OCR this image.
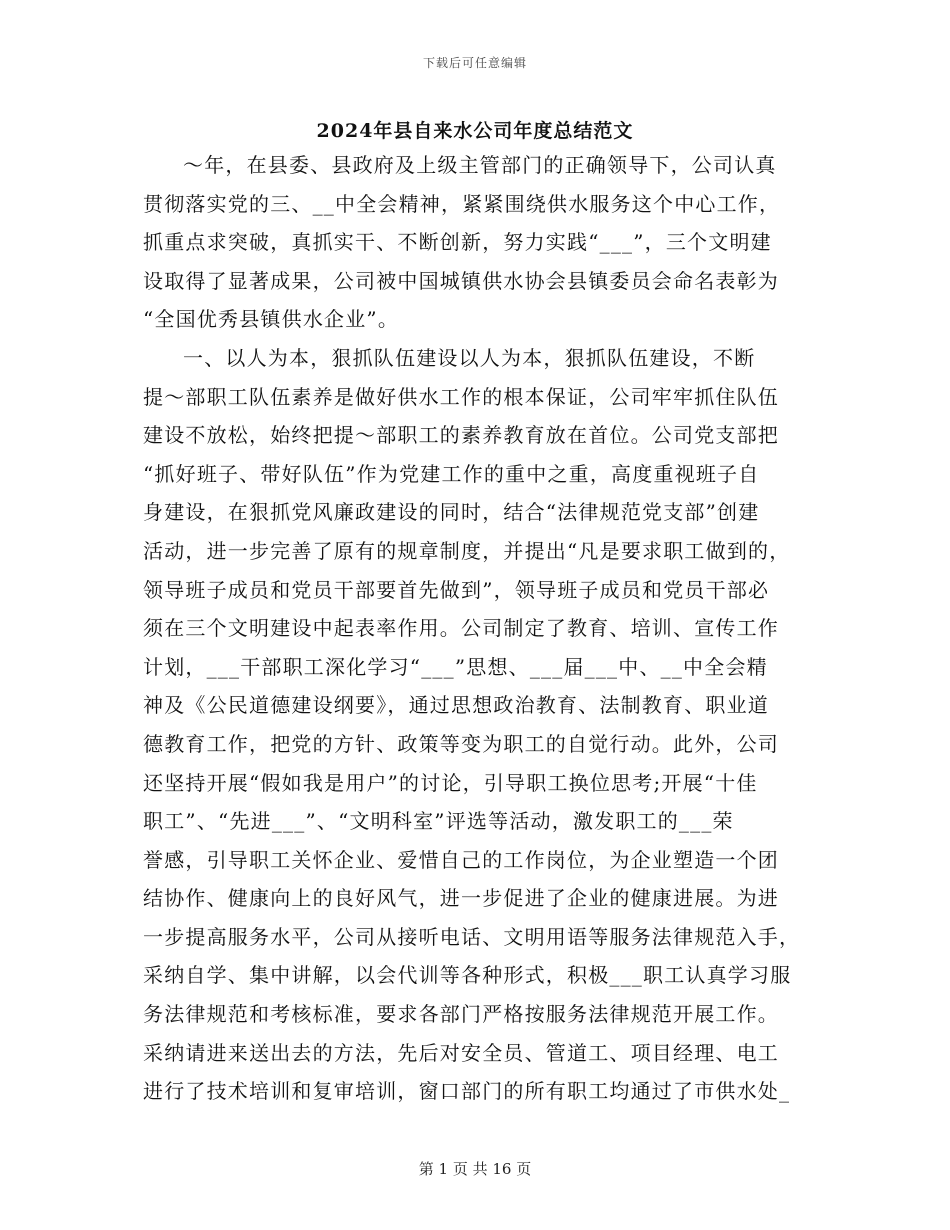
下载后可任意编辑
2024年县自来水公司年度总结范文
～年，在县委、县政府及上级主管部门的正确领导下，公司认真
贯彻落实党的三、__中全会精神，紧紧围绕供水服务这个中心工作，
抓重点求突破，真抓实干、不断创新，努力实践“___”，三个文明建
设取得了显著成果，公司被中国城镇供水协会县镇委员会命名表彰为
“全国优秀县镇供水企业”。
一、以人为本，狠抓队伍建设以人为本，狠抓队伍建设，不断
提～部职工队伍素养是做好供水工作的根本保证，公司牢牢抓住队伍
建设不放松，始终把提～部职工的素养教育放在首位。公司党支部把
“抓好班子、带好队伍”作为党建工作的重中之重，高度重视班子自
身建设，在狠抓党风廉政建设的同时，结合“法律规范党支部”创建
活动，进一步完善了原有的规章制度，并提出“凡是要求职工做到的，
领导班子成员和党员干部要首先做到”，领导班子成员和党员干部必
须在三个文明建设中起表率作用。公司制定了教育、培训、宣传工作
计划，___干部职工深化学习“___”思想、___届___中、__中全会精
神及《公民道德建设纲要》，通过思想政治教育、法制教育、职业道
德教育工作，把党的方针、政策等变为职工的自觉行动。此外，公司
还坚持开展“假如我是用户”的讨论，引导职工换位思考;开展“十佳
职工”、“先进___”、“文明科室”评选等活动，激发职工的___荣
誉感，引导职工关怀企业、爱惜自己的工作岗位，为企业塑造一个团
结协作、健康向上的良好风气，进一步促进了企业的健康进展。为进
一步提高服务水平，公司从接听电话、文明用语等服务法律规范入手，
采纳自学、集中讲解，以会代训等各种形式，积极___职工认真学习服
务法律规范和考核标准，要求各部门严格按服务法律规范开展工作。
采纳请进来送出去的方法，先后对安全员、管道工、项目经理、电工
进行了技术培训和复审培训，窗口部门的所有职工均通过了市供水处_
第 1 页 共 16 页
